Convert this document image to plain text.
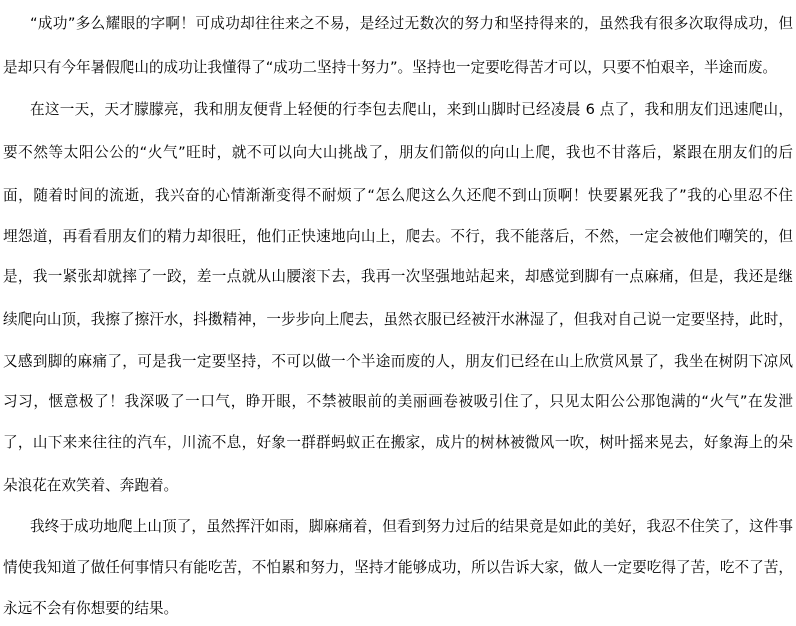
“成功”多么耀眼的字啊！可成功却往往来之不易，是经过无数次的努力和坚持得来的，虽然我有很多次取得成功，但
是却只有今年暑假爬山的成功让我懂得了“成功二坚持十努力”。坚持也一定要吃得苦才可以，只要不怕艰辛，半途而废。
在这一天，天才朦朦亮，我和朋友便背上轻便的行李包去爬山，来到山脚时已经凌晨 6 点了，我和朋友们迅速爬山，
要不然等太阳公公的“火气”旺时，就不可以向大山挑战了，朋友们箭似的向山上爬，我也不甘落后，紧跟在朋友们的后
面，随着时间的流逝，我兴奋的心情渐渐变得不耐烦了“怎么爬这么久还爬不到山顶啊！快要累死我了”我的心里忍不住
埋怨道，再看看朋友们的精力却很旺，他们正快速地向山上，爬去。不行，我不能落后，不然，一定会被他们嘲笑的，但
是，我一紧张却就摔了一跤，差一点就从山腰滚下去，我再一次坚强地站起来，却感觉到脚有一点麻痛，但是，我还是继
续爬向山顶，我擦了擦汗水，抖擞精神，一步步向上爬去，虽然衣服已经被汗水淋湿了，但我对自己说一定要坚持，此时，
又感到脚的麻痛了，可是我一定要坚持，不可以做一个半途而废的人，朋友们已经在山上欣赏风景了，我坐在树阴下凉风
习习，惬意极了！我深吸了一口气，睁开眼，不禁被眼前的美丽画卷被吸引住了，只见太阳公公那饱满的“火气”在发泄
了，山下来来往往的汽车，川流不息，好象一群群蚂蚁正在搬家，成片的树林被微风一吹，树叶摇来晃去，好象海上的朵
朵浪花在欢笑着、奔跑着。
我终于成功地爬上山顶了，虽然挥汗如雨，脚麻痛着，但看到努力过后的结果竟是如此的美好，我忍不住笑了，这件事
情使我知道了做任何事情只有能吃苦，不怕累和努力，坚持才能够成功，所以告诉大家，做人一定要吃得了苦，吃不了苦，
永远不会有你想要的结果。
